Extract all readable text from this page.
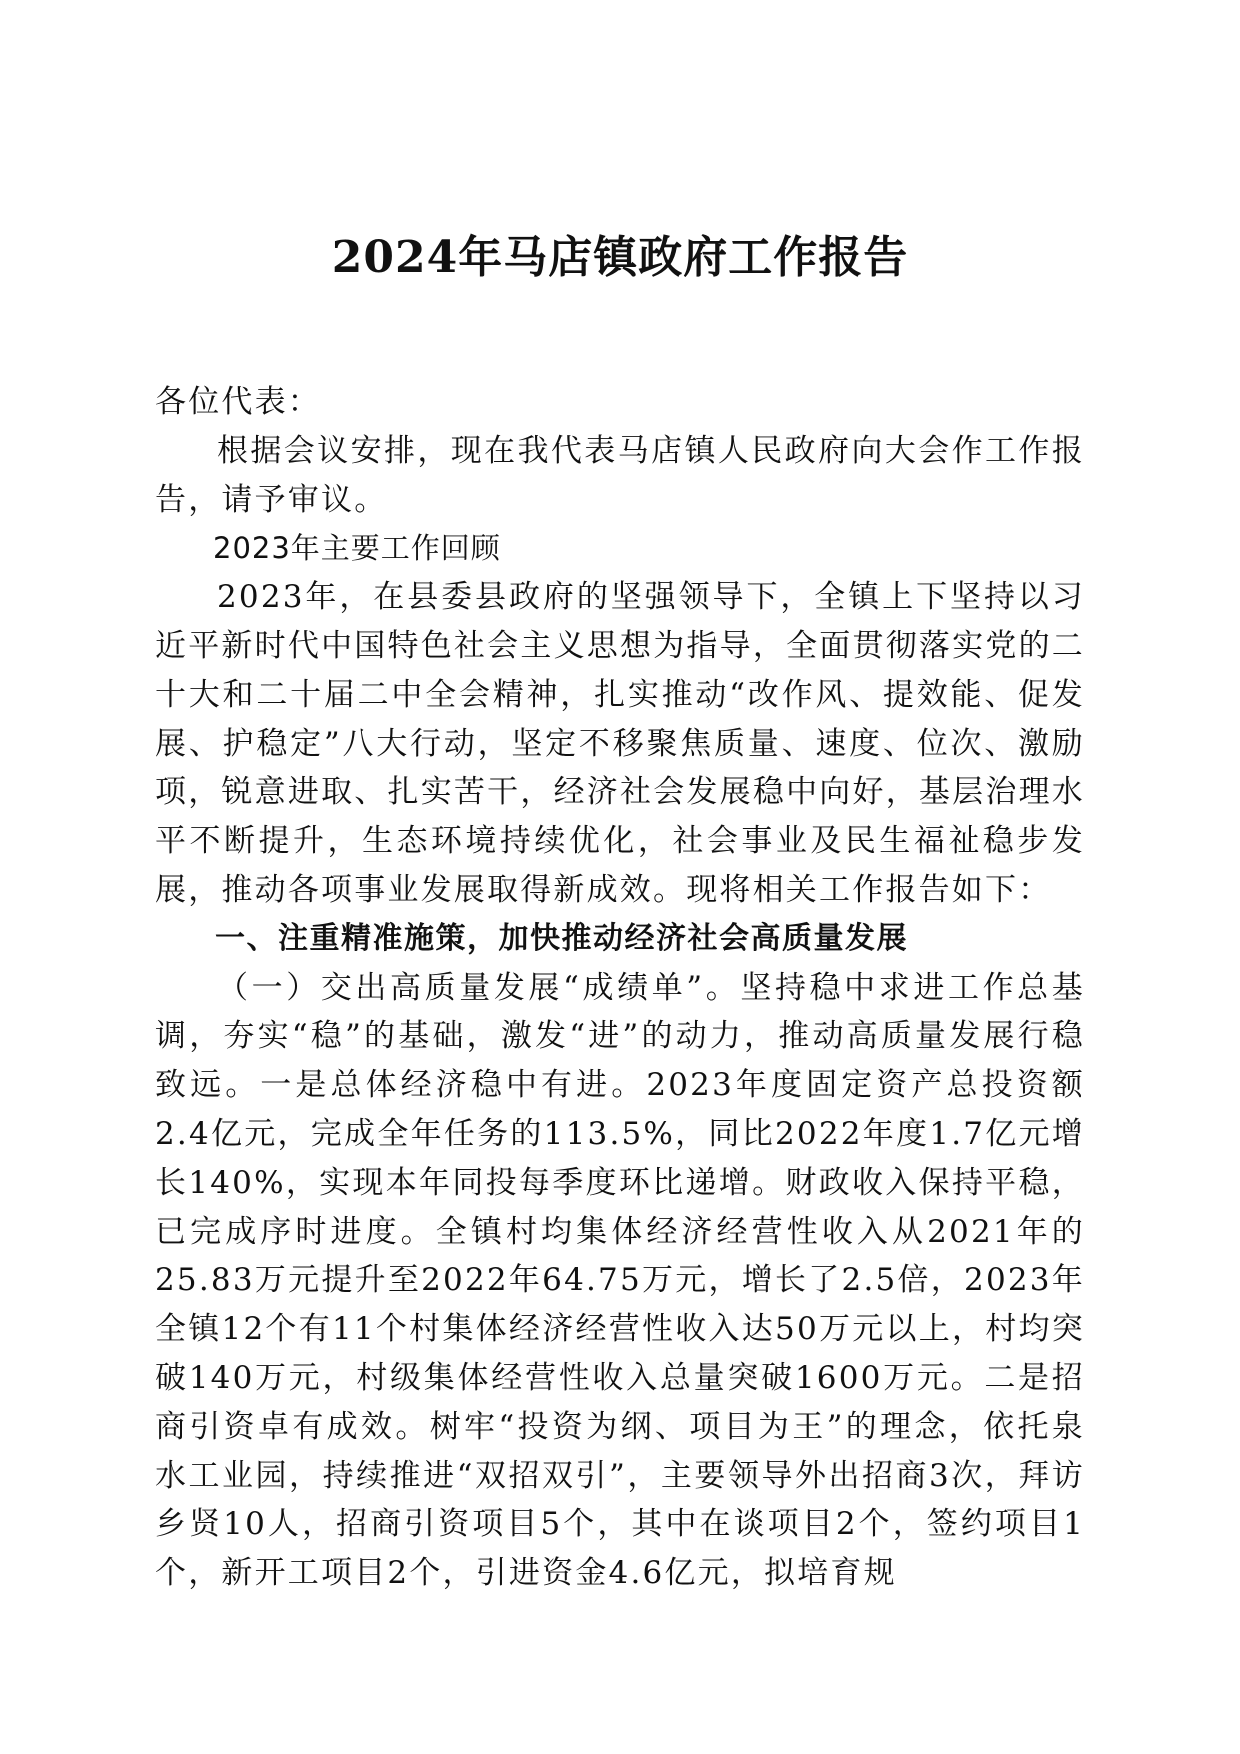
2024年马店镇政府工作报告

各位代表：

根据会议安排，现在我代表马店镇人民政府向大会作工作报告，请予审议。

2023年主要工作回顾

2023年，在县委县政府的坚强领导下，全镇上下坚持以习近平新时代中国特色社会主义思想为指导，全面贯彻落实党的二十大和二十届二中全会精神，扎实推动“改作风、提效能、促发展、护稳定”八大行动，坚定不移聚焦质量、速度、位次、激励项，锐意进取、扎实苦干，经济社会发展稳中向好，基层治理水平不断提升，生态环境持续优化，社会事业及民生福祉稳步发展，推动各项事业发展取得新成效。现将相关工作报告如下：

一、注重精准施策，加快推动经济社会高质量发展

（一）交出高质量发展“成绩单”。坚持稳中求进工作总基调，夯实“稳”的基础，激发“进”的动力，推动高质量发展行稳致远。一是总体经济稳中有进。2023年度固定资产总投资额2.4亿元，完成全年任务的113.5%，同比2022年度1.7亿元增长140%，实现本年同投每季度环比递增。财政收入保持平稳，已完成序时进度。全镇村均集体经济经营性收入从2021年的25.83万元提升至2022年64.75万元，增长了2.5倍，2023年全镇12个有11个村集体经济经营性收入达50万元以上，村均突破140万元，村级集体经营性收入总量突破1600万元。二是招商引资卓有成效。树牢“投资为纲、项目为王”的理念，依托泉水工业园，持续推进“双招双引”，主要领导外出招商3次，拜访乡贤10人，招商引资项目5个，其中在谈项目2个，签约项目1个，新开工项目2个，引进资金4.6亿元，拟培育规
